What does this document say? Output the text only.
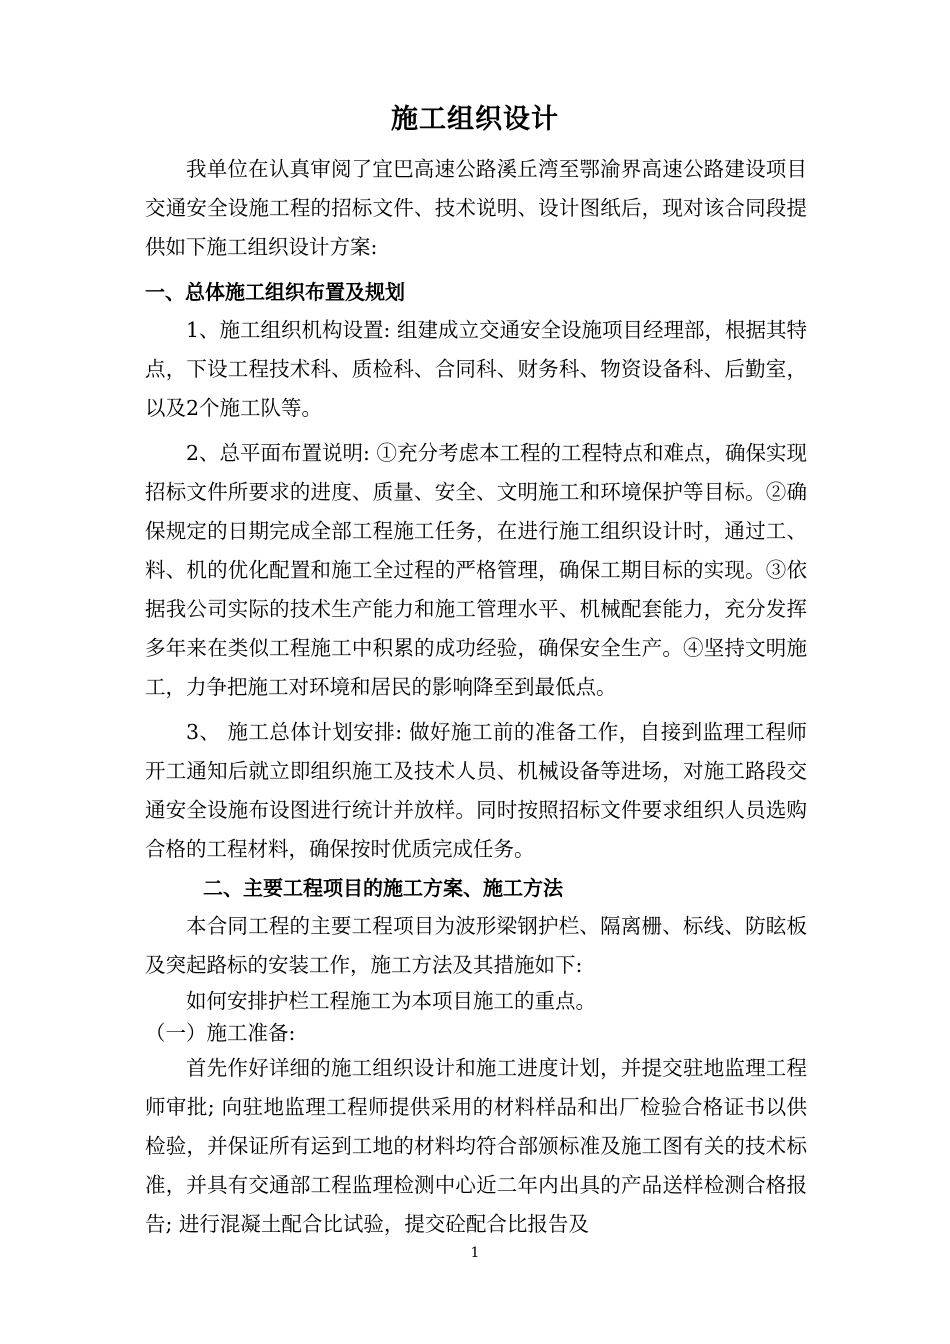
施工组织设计

我单位在认真审阅了宜巴高速公路溪丘湾至鄂渝界高速公路建设项目交通安全设施工程的招标文件、技术说明、设计图纸后，现对该合同段提供如下施工组织设计方案:

一、总体施工组织布置及规划

1、施工组织机构设置: 组建成立交通安全设施项目经理部，根据其特点，下设工程技术科、质检科、合同科、财务科、物资设备科、后勤室，以及2个施工队等。

2、总平面布置说明: ①充分考虑本工程的工程特点和难点，确保实现招标文件所要求的进度、质量、安全、文明施工和环境保护等目标。②确保规定的日期完成全部工程施工任务，在进行施工组织设计时，通过工、料、机的优化配置和施工全过程的严格管理，确保工期目标的实现。③依据我公司实际的技术生产能力和施工管理水平、机械配套能力，充分发挥多年来在类似工程施工中积累的成功经验，确保安全生产。④坚持文明施工，力争把施工对环境和居民的影响降至到最低点。

3、 施工总体计划安排: 做好施工前的准备工作，自接到监理工程师开工通知后就立即组织施工及技术人员、机械设备等进场，对施工路段交通安全设施布设图进行统计并放样。同时按照招标文件要求组织人员选购合格的工程材料，确保按时优质完成任务。

二、主要工程项目的施工方案、施工方法

本合同工程的主要工程项目为波形梁钢护栏、隔离栅、标线、防眩板及突起路标的安装工作，施工方法及其措施如下:

如何安排护栏工程施工为本项目施工的重点。

（一）施工准备:

首先作好详细的施工组织设计和施工进度计划，并提交驻地监理工程师审批; 向驻地监理工程师提供采用的材料样品和出厂检验合格证书以供检验，并保证所有运到工地的材料均符合部颁标准及施工图有关的技术标准，并具有交通部工程监理检测中心近二年内出具的产品送样检测合格报告; 进行混凝土配合比试验，提交砼配合比报告及

1
